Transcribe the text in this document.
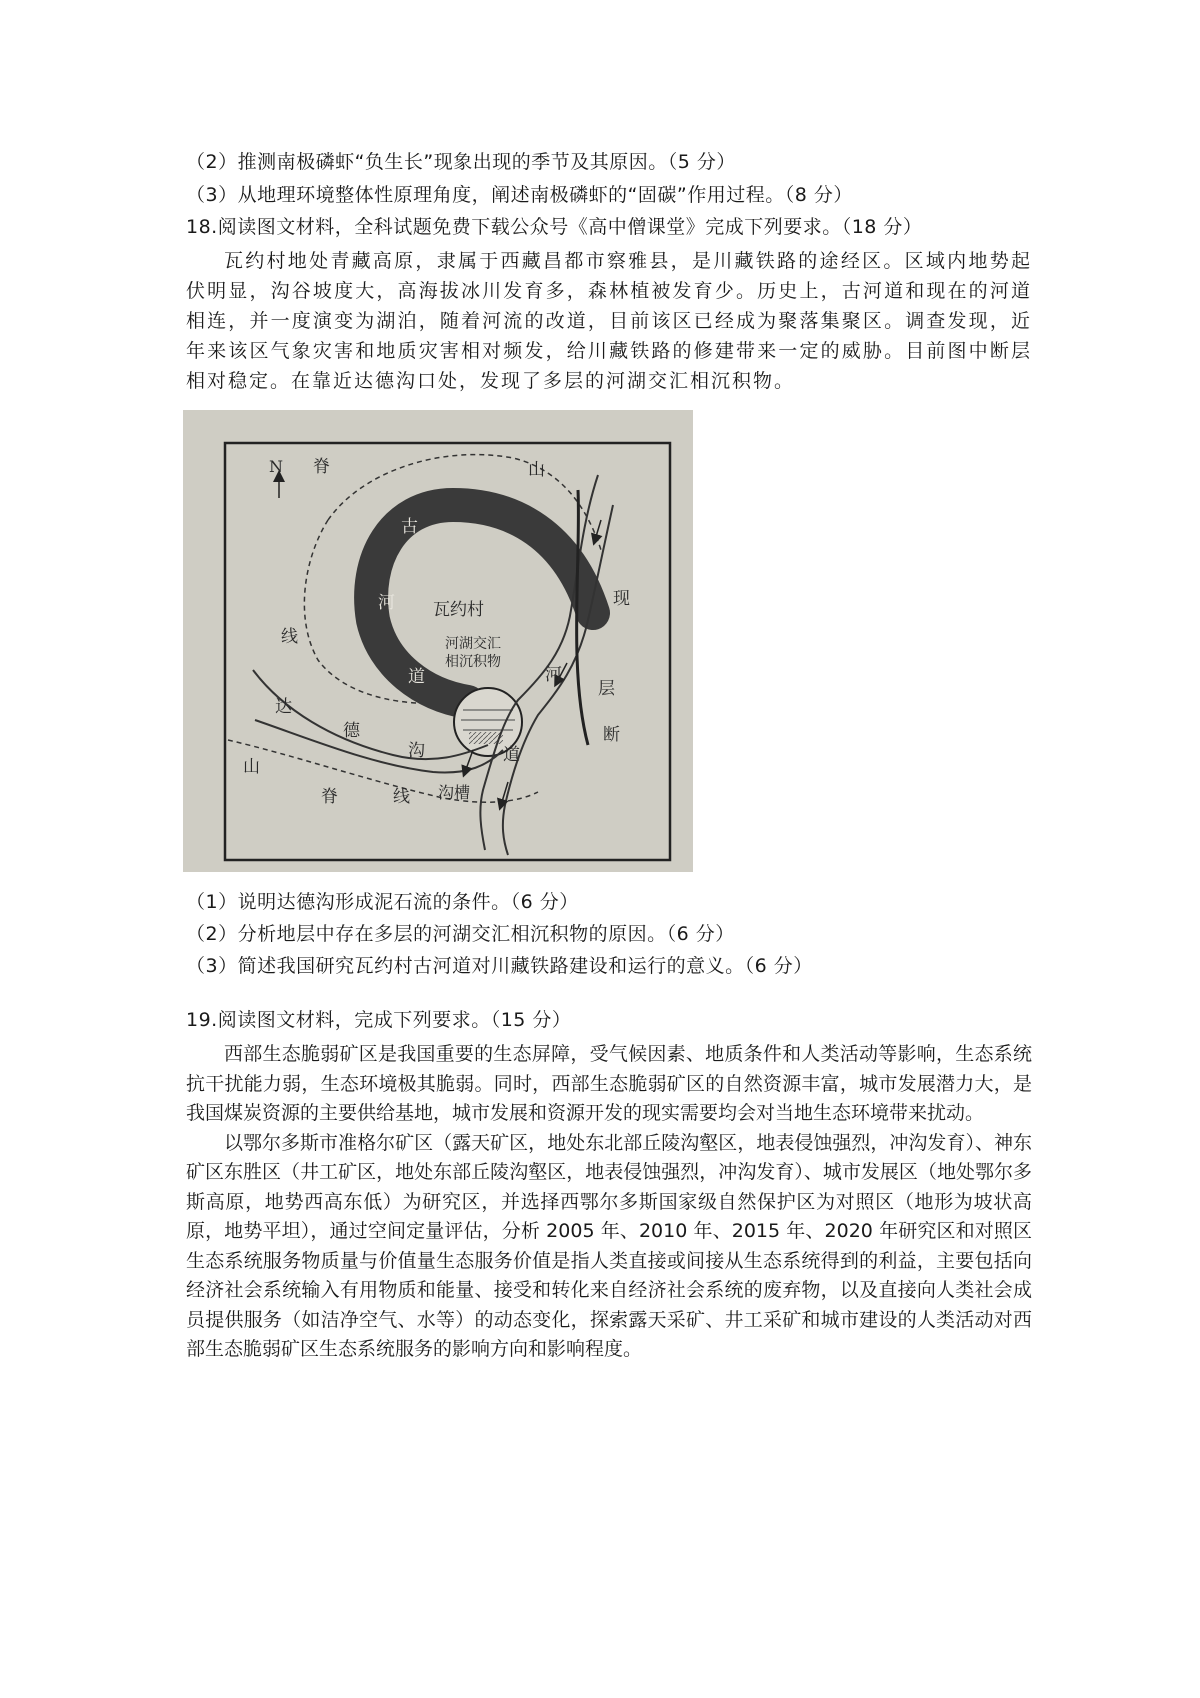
（2）推测南极磷虾“负生长”现象出现的季节及其原因。（5 分）
（3）从地理环境整体性原理角度，阐述南极磷虾的“固碳”作用过程。（8 分）
18.阅读图文材料，全科试题免费下载公众号《高中僧课堂》完成下列要求。（18 分）

瓦约村地处青藏高原，隶属于西藏昌都市察雅县，是川藏铁路的途经区。区域内地势起伏明显，沟谷坡度大，高海拔冰川发育多，森林植被发育少。历史上，古河道和现在的河道相连，并一度演变为湖泊，随着河流的改道，目前该区已经成为聚落集聚区。调查发现，近年来该区气象灾害和地质灾害相对频发，给川藏铁路的修建带来一定的威胁。目前图中断层相对稳定。在靠近达德沟口处，发现了多层的河湖交汇相沉积物。

N 脊	山
古
河
道
瓦约村
河湖交汇
相沉积物
线
达
德
沟
山
脊	线 沟槽
现
河
道
层
断
（1）说明达德沟形成泥石流的条件。（6 分）
（2）分析地层中存在多层的河湖交汇相沉积物的原因。（6 分）
（3）简述我国研究瓦约村古河道对川藏铁路建设和运行的意义。（6 分）
19.阅读图文材料，完成下列要求。（15 分）

西部生态脆弱矿区是我国重要的生态屏障，受气候因素、地质条件和人类活动等影响，生态系统抗干扰能力弱，生态环境极其脆弱。同时，西部生态脆弱矿区的自然资源丰富，城市发展潜力大，是我国煤炭资源的主要供给基地，城市发展和资源开发的现实需要均会对当地生态环境带来扰动。

以鄂尔多斯市准格尔矿区（露天矿区，地处东北部丘陵沟壑区，地表侵蚀强烈，冲沟发育）、神东矿区东胜区（井工矿区，地处东部丘陵沟壑区，地表侵蚀强烈，冲沟发育）、城市发展区（地处鄂尔多斯高原，地势西高东低）为研究区，并选择西鄂尔多斯国家级自然保护区为对照区（地形为坡状高原，地势平坦），通过空间定量评估，分析 2005 年、2010 年、2015 年、2020 年研究区和对照区生态系统服务物质量与价值量生态服务价值是指人类直接或间接从生态系统得到的利益，主要包括向经济社会系统输入有用物质和能量、接受和转化来自经济社会系统的废弃物，以及直接向人类社会成员提供服务（如洁净空气、水等）的动态变化，探索露天采矿、井工采矿和城市建设的人类活动对西部生态脆弱矿区生态系统服务的影响方向和影响程度。
